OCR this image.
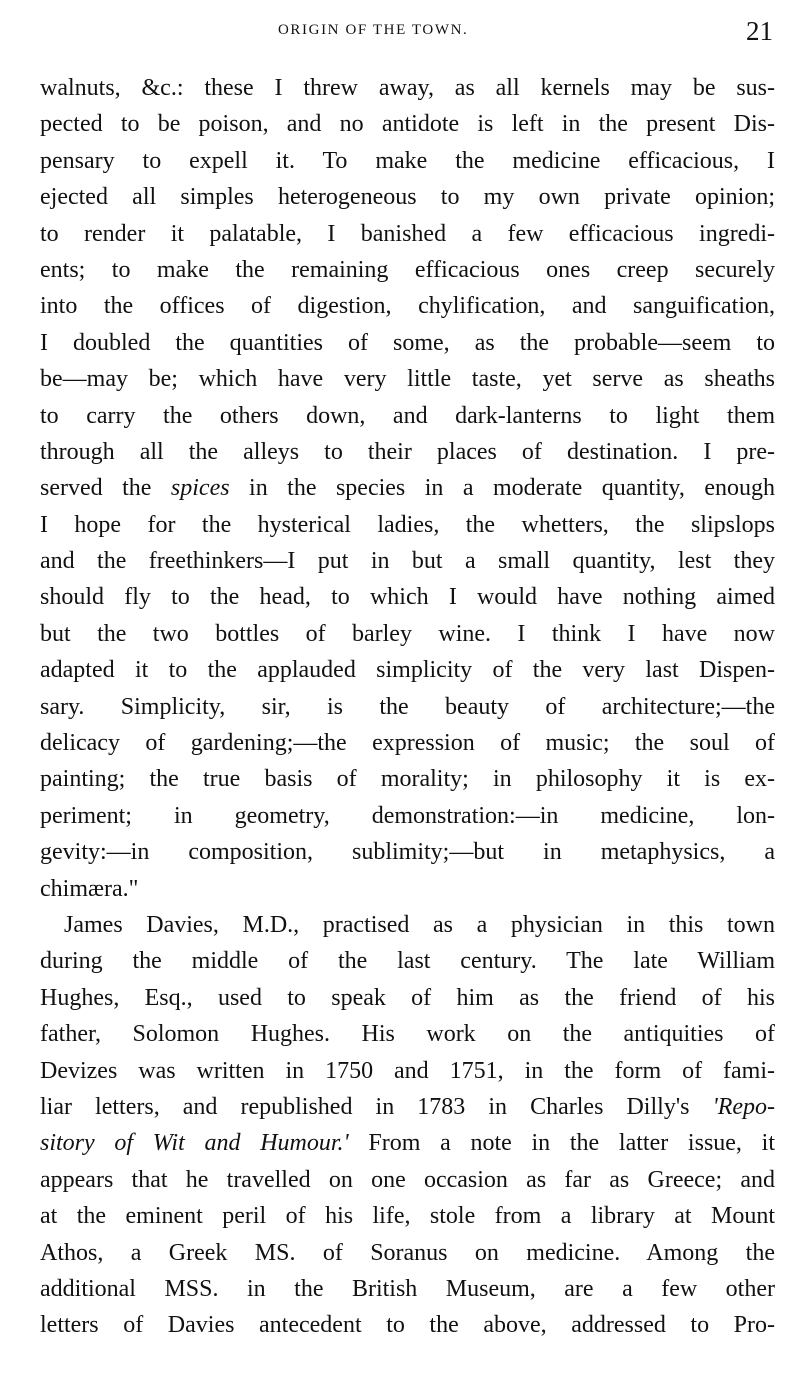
ORIGIN OF THE TOWN.	21
walnuts, &c.: these I threw away, as all kernels may be sus-
pected to be poison, and no antidote is left in the present Dis-
pensary to expell it. To make the medicine efficacious, I
ejected all simples heterogeneous to my own private opinion;
to render it palatable, I banished a few efficacious ingredi-
ents; to make the remaining efficacious ones creep securely
into the offices of digestion, chylification, and sanguification,
I doubled the quantities of some, as the probable—seem to
be—may be; which have very little taste, yet serve as sheaths
to carry the others down, and dark-lanterns to light them
through all the alleys to their places of destination. I pre-
served the spices in the species in a moderate quantity, enough
I hope for the hysterical ladies, the whetters, the slipslops
and the freethinkers—I put in but a small quantity, lest they
should fly to the head, to which I would have nothing aimed
but the two bottles of barley wine. I think I have now
adapted it to the applauded simplicity of the very last Dispen-
sary. Simplicity, sir, is the beauty of architecture;—the
delicacy of gardening;—the expression of music; the soul of
painting; the true basis of morality; in philosophy it is ex-
periment; in geometry, demonstration:—in medicine, lon-
gevity:—in composition, sublimity;—but in metaphysics, a
chimæra."
James Davies, M.D., practised as a physician in this town
during the middle of the last century. The late William
Hughes, Esq., used to speak of him as the friend of his
father, Solomon Hughes. His work on the antiquities of
Devizes was written in 1750 and 1751, in the form of fami-
liar letters, and republished in 1783 in Charles Dilly's 'Repo-
sitory of Wit and Humour.' From a note in the latter issue, it
appears that he travelled on one occasion as far as Greece; and
at the eminent peril of his life, stole from a library at Mount
Athos, a Greek MS. of Soranus on medicine. Among the
additional MSS. in the British Museum, are a few other
letters of Davies antecedent to the above, addressed to Pro-
